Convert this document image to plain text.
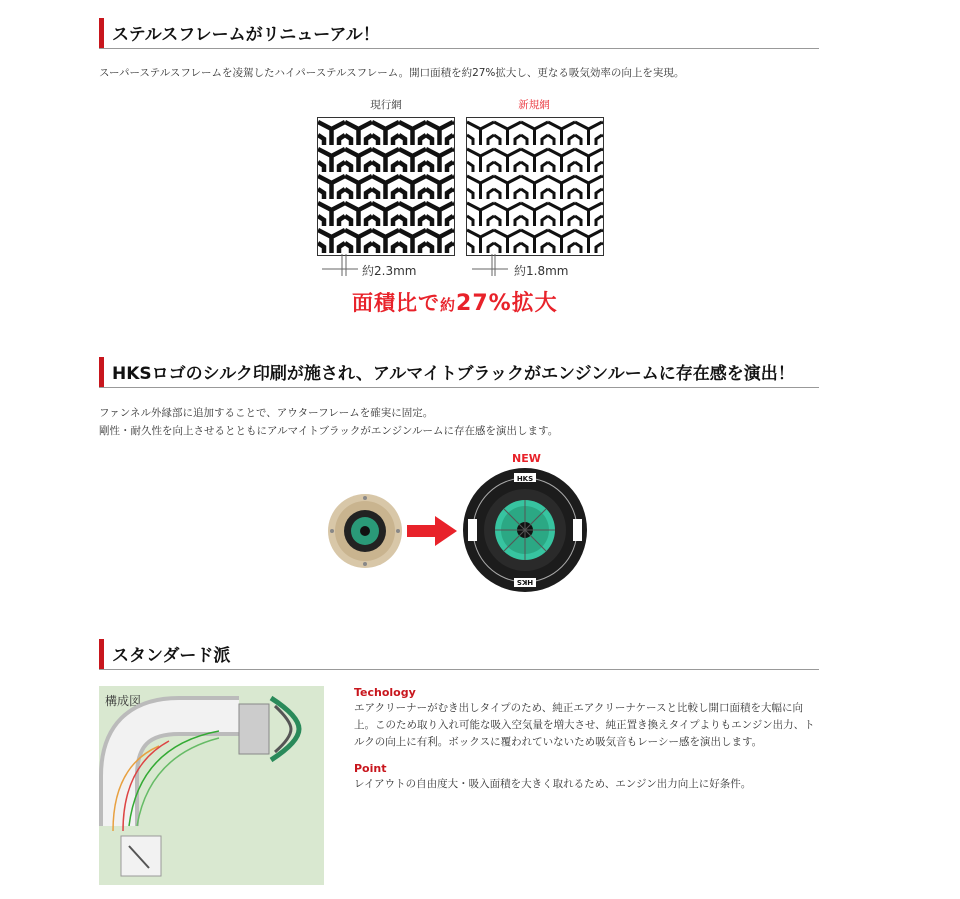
ステルスフレームがリニューアル！
スーパーステルスフレームを凌駕したハイパーステルスフレーム。開口面積を約27%拡大し、更なる吸気効率の向上を実現。
現行網	新規網
約2.3mm	約1.8mm
面積比で約27%拡大
HKSロゴのシルク印刷が施され、アルマイトブラックがエンジンルームに存在感を演出！
ファンネル外縁部に追加することで、アウターフレームを確実に固定。
剛性・耐久性を向上させるとともにアルマイトブラックがエンジンルームに存在感を演出します。
NEW
HKS
HKS
スタンダード派
構成図
Techology
エアクリーナーがむき出しタイプのため、純正エアクリーナケースと比較し開口面積を大幅に向上。このため取り入れ可能な吸入空気量を増大させ、純正置き換えタイプよりもエンジン出力、トルクの向上に有利。ボックスに覆われていないため吸気音もレーシー感を演出します。
Point
レイアウトの自由度大・吸入面積を大きく取れるため、エンジン出力向上に好条件。
